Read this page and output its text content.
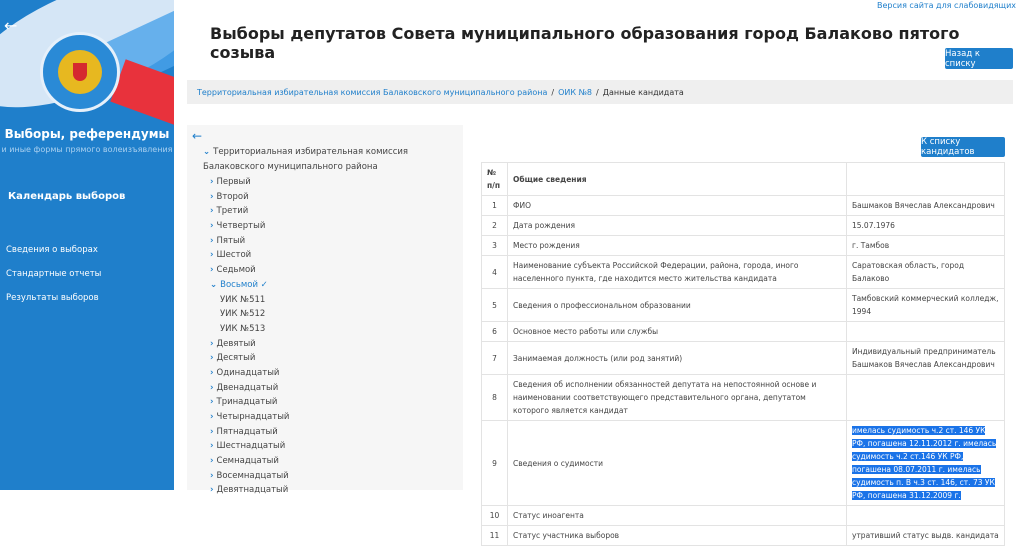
←
Выборы, референдумы
и иные формы прямого волеизъявления
Календарь выборов
Сведения о выборах
Стандартные отчеты
Результаты выборов
Версия сайта для слабовидящих
Выборы депутатов Совета муниципального образования город Балаково пятого созыва	Назад к списку
Территориальная избирательная комиссия Балаковского муниципального района / ОИК №8 / Данные кандидата
←
⌄ Территориальная избирательная комиссия Балаковского муниципального района
› Первый
› Второй
› Третий
› Четвертый
› Пятый
› Шестой
› Седьмой
⌄ Восьмой ✓
УИК №511
УИК №512
УИК №513
› Девятый
› Десятый
› Одинадцатый
› Двенадцатый
› Тринадцатый
› Четырнадцатый
› Пятнадцатый
› Шестнадцатый
› Семнадцатый
› Восемнадцатый
› Девятнадцатый
К списку кандидатов
№ п/п	Общие сведения	
1	ФИО	Башмаков Вячеслав Александрович
2	Дата рождения	15.07.1976
3	Место рождения	г. Тамбов
4	Наименование субъекта Российской Федерации, района, города, иного населенного пункта, где находится место жительства кандидата	Саратовская область, город Балаково
5	Сведения о профессиональном образовании	Тамбовский коммерческий колледж, 1994
6	Основное место работы или службы	
7	Занимаемая должность (или род занятий)	Индивидуальный предприниматель Башмаков Вячеслав Александрович
8	Сведения об исполнении обязанностей депутата на непостоянной основе и наименовании соответствующего представительного органа, депутатом которого является кандидат	
9	Сведения о судимости	имелась судимость ч.2 ст. 146 УК РФ, погашена 12.11.2012 г. имелась судимость ч.2 ст.146 УК РФ, погашена 08.07.2011 г. имелась судимость п. В ч.3 ст. 146, ст. 73 УК РФ, погашена 31.12.2009 г.
10	Статус иноагента	
11	Статус участника выборов	утративший статус выдв. кандидата
